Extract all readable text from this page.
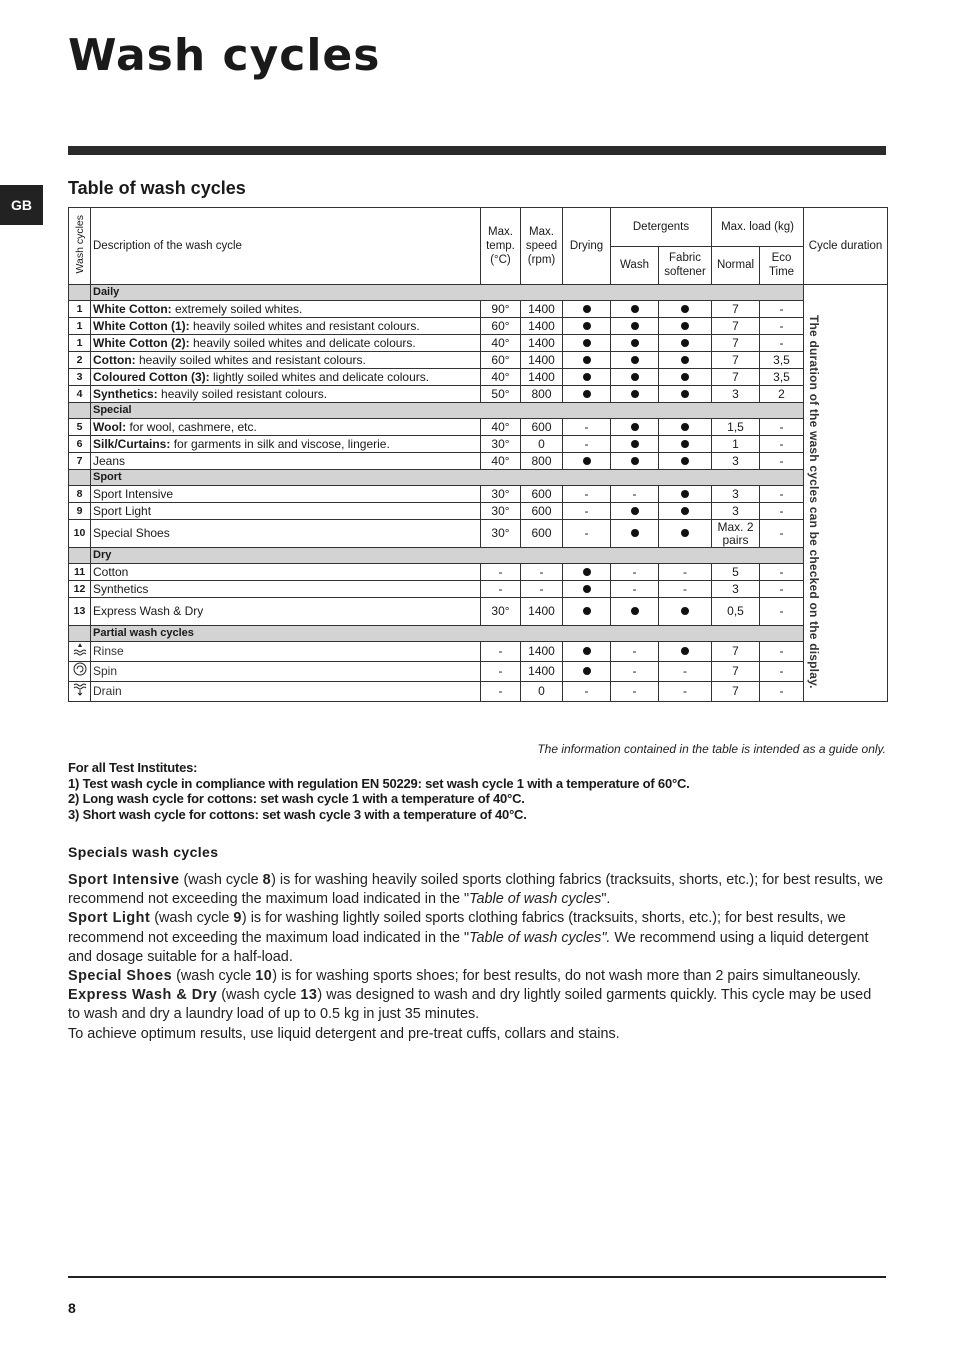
Wash cycles
GB
Table of wash cycles
Wash cycles	Description of the wash cycle	Max. temp. (°C)	Max. speed (rpm)	Drying	Detergents		Max. load (kg)		Cycle duration
					Wash	Fabric softener	Normal	Eco Time	
	Daily								The duration of the wash cycles can be checked on the display.
1	White Cotton: extremely soiled whites.	90°	1400				7	-	
1	White Cotton (1): heavily soiled whites and resistant colours.	60°	1400				7	-	
1	White Cotton (2): heavily soiled whites and delicate colours.	40°	1400				7	-	
2	Cotton: heavily soiled whites and resistant colours.	60°	1400				7	3,5	
3	Coloured Cotton (3): lightly soiled whites and delicate colours.	40°	1400				7	3,5	
4	Synthetics: heavily soiled resistant colours.	50°	800				3	2	
	Special								
5	Wool: for wool, cashmere, etc.	40°	600	-			1,5	-	
6	Silk/Curtains: for garments in silk and viscose, lingerie.	30°	0	-			1	-	
7	Jeans	40°	800				3	-	
	Sport								
8	Sport Intensive	30°	600	-	-		3	-	
9	Sport Light	30°	600	-			3	-	
10	Special Shoes	30°	600	-			Max. 2 pairs	-	
	Dry								
11	Cotton	-	-		-	-	5	-	
12	Synthetics	-	-		-	-	3	-	
13	Express Wash & Dry	30°	1400				0,5	-	
	Partial wash cycles								
	Rinse	-	1400		-		7	-	
	Spin	-	1400		-	-	7	-	
	Drain	-	0	-	-	-	7	-	
The information contained in the table is intended as a guide only.
For all Test Institutes:
1) Test wash cycle in compliance with regulation EN 50229: set wash cycle 1 with a temperature of 60°C.
2) Long wash cycle for cottons: set wash cycle 1 with a temperature of 40°C.
3) Short wash cycle for cottons: set wash cycle 3 with a temperature of 40°C.
Specials wash cycles

Sport Intensive (wash cycle 8) is for washing heavily soiled sports clothing fabrics (tracksuits, shorts, etc.); for best results, we recommend not exceeding the maximum load indicated in the "Table of wash cycles".

Sport Light (wash cycle 9) is for washing lightly soiled sports clothing fabrics (tracksuits, shorts, etc.); for best results, we recommend not exceeding the maximum load indicated in the "Table of wash cycles". We recommend using a liquid detergent and dosage suitable for a half-load.

Special Shoes (wash cycle 10) is for washing sports shoes; for best results, do not wash more than 2 pairs simultaneously.

Express Wash & Dry (wash cycle 13) was designed to wash and dry lightly soiled garments quickly. This cycle may be used to wash and dry a laundry load of up to 0.5 kg in just 35 minutes.

To achieve optimum results, use liquid detergent and pre-treat cuffs, collars and stains.

8
